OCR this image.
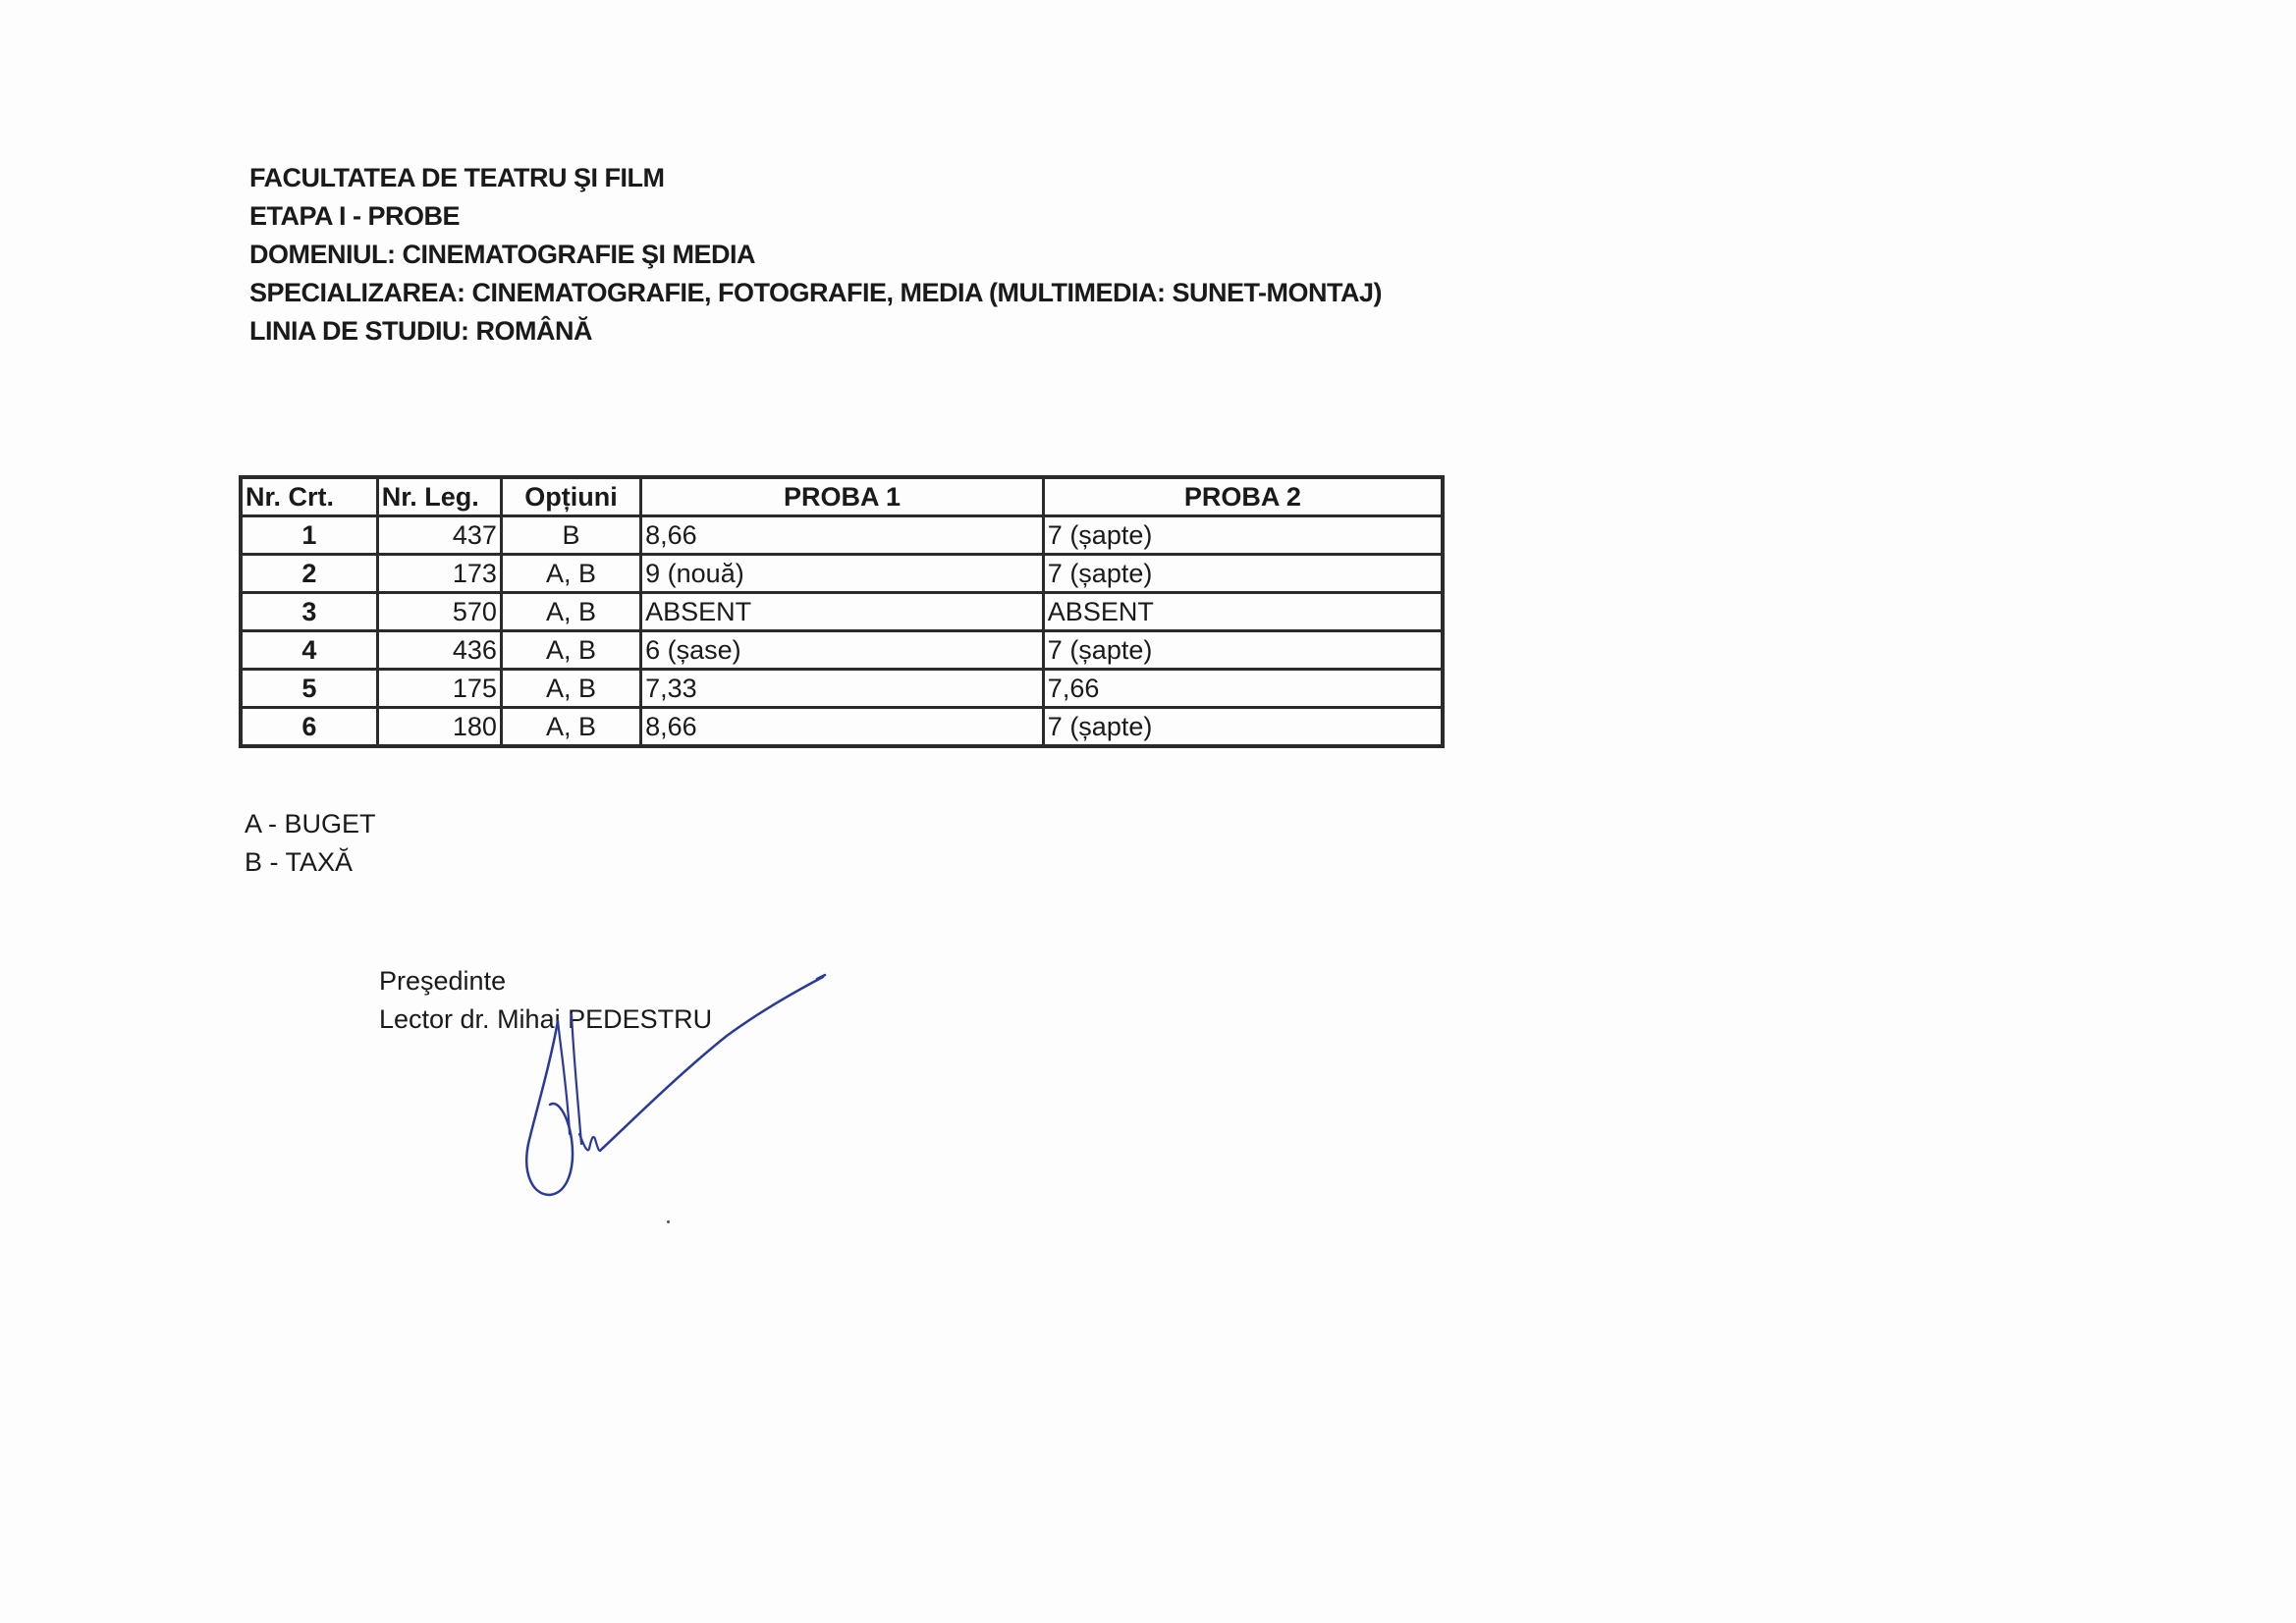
FACULTATEA DE TEATRU ŞI FILM
ETAPA I - PROBE
DOMENIUL: CINEMATOGRAFIE ŞI MEDIA
SPECIALIZAREA: CINEMATOGRAFIE, FOTOGRAFIE, MEDIA (MULTIMEDIA: SUNET-MONTAJ)
LINIA DE STUDIU: ROMÂNĂ
Nr. Crt.	Nr. Leg.	Opțiuni	PROBA 1	PROBA 2
1	437	B	8,66	7 (șapte)
2	173	A, B	9 (nouă)	7 (șapte)
3	570	A, B	ABSENT	ABSENT
4	436	A, B	6 (șase)	7 (șapte)
5	175	A, B	7,33	7,66
6	180	A, B	8,66	7 (șapte)
A - BUGET
B - TAXĂ
Preşedinte
Lector dr. Mihai PEDESTRU
